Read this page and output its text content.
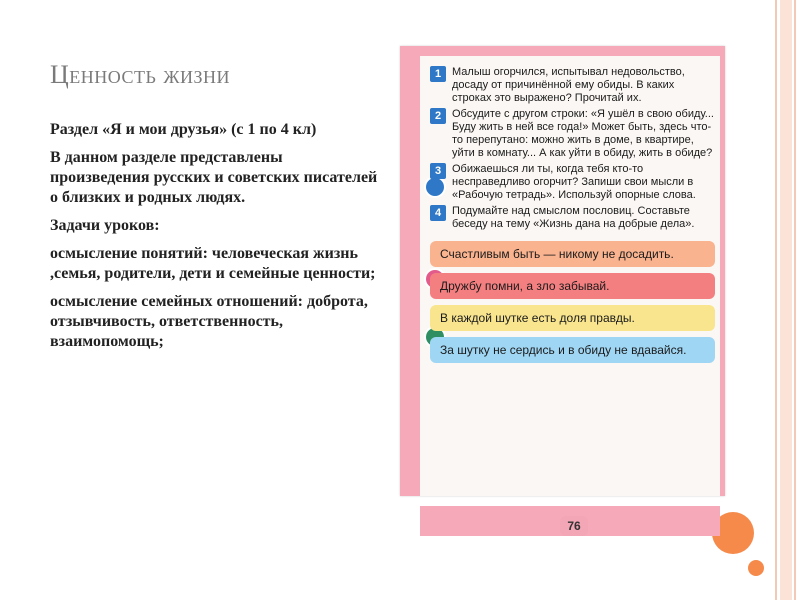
Ценность жизни

Раздел «Я и мои друзья» (с 1 по 4 кл)

В данном разделе представлены произведения русских и советских писателей о близких и родных людях.

Задачи уроков:

осмысление понятий: человеческая жизнь ,семья, родители, дети и семейные ценности;

осмысление семейных отношений: доброта, отзывчивость, ответственность, взаимопомощь;

1 Малыш огорчился, испытывал недовольство, досаду от причинённой ему обиды. В каких строках это выражено? Прочитай их.
2 Обсудите с другом строки: «Я ушёл в свою обиду... Буду жить в ней все года!» Может быть, здесь что-то перепутано: можно жить в доме, в квартире, уйти в комнату... А как уйти в обиду, жить в обиде?
3 Обижаешься ли ты, когда тебя кто-то несправедливо огорчит? Запиши свои мысли в «Рабочую тетрадь». Используй опорные слова.
4 Подумайте над смыслом пословиц. Составьте беседу на тему «Жизнь дана на добрые дела».
Счастливым быть — никому не досадить.
Дружбу помни, а зло забывай.
В каждой шутке есть доля правды.
За шутку не сердись и в обиду не вдавайся.
76
